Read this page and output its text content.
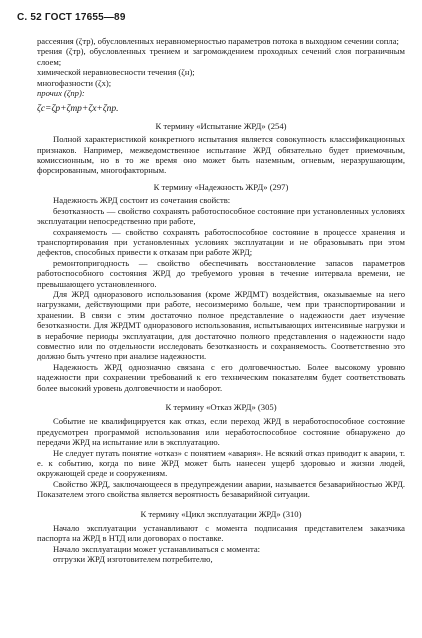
С. 52 ГОСТ 17655—89

рассеяния (ζтр), обусловленных неравномерностью параметров потока в выходном сечении сопла;

трения (ζтр), обусловленных трением и загромождением проходных сечений слоя пограничным слоем;

химической неравновесности течения (ζн);

многофазности (ζх);

прочих (ζпр):

ζс=ζр+ζтр+ζх+ζпр.

К термину «Испытание ЖРД» (254)

Полной характеристикой конкретного испытания является совокупность классификационных признаков. Например, межведомственное испытание ЖРД обязательно будет приемочным, комиссионным, но в то же время оно может быть наземным, огневым, неразрушающим, форсированным, многофакторным.

К термину «Надежность ЖРД» (297)

Надежность ЖРД состоит из сочетания свойств:

безотказность — свойство сохранять работоспособное состояние при установленных условиях эксплуатации непосредственно при работе,

сохраняемость — свойство сохранять работоспособное состояние в процессе хранения и транспортирования при установленных условиях эксплуатации и не образовывать при этом дефектов, способных привести к отказам при работе ЖРД;

ремонтопригодность — свойство обеспечивать восстановление запасов параметров работоспособного состояния ЖРД до требуемого уровня в течение интервала времени, не превышающего установленного.

Для ЖРД одноразового использования (кроме ЖРДМТ) воздействия, оказываемые на него нагрузками, действующими при работе, несоизмеримо больше, чем при транспортировании и хранении. В связи с этим достаточно полное представление о надежности дает изучение безотказности. Для ЖРДМТ одноразового использования, испытывающих интенсивные нагрузки и в нерабочие периоды эксплуатации, для достаточно полного представления о надежности надо совместно или по отдельности исследовать безотказность и сохраняемость. Соответственно это должно быть учтено при анализе надежности.

Надежность ЖРД однозначно связана с его долговечностью. Более высокому уровню надежности при сохранении требований к его техническим показателям будет соответствовать более высокий уровень долговечности и наоборот.

К термину «Отказ ЖРД» (305)

Событие не квалифицируется как отказ, если переход ЖРД в неработоспособное состояние предусмотрен программой использования или неработоспособное состояние обнаружено до передачи ЖРД на испытание или в эксплуатацию.

Не следует путать понятие «отказ» с понятием «авария». Не всякий отказ приводит к аварии, т. е. к событию, когда по вине ЖРД может быть нанесен ущерб здоровью и жизни людей, окружающей среде и сооружениям.

Свойство ЖРД, заключающееся в предупреждении аварии, называется безаварийностью ЖРД. Показателем этого свойства является вероятность безаварийной ситуации.

К термину «Цикл эксплуатации ЖРД» (310)

Начало эксплуатации устанавливают с момента подписания представителем заказчика паспорта на ЖРД в НТД или договорах о поставке.

Начало эксплуатации может устанавливаться с момента:

отгрузки ЖРД изготовителем потребителю,
